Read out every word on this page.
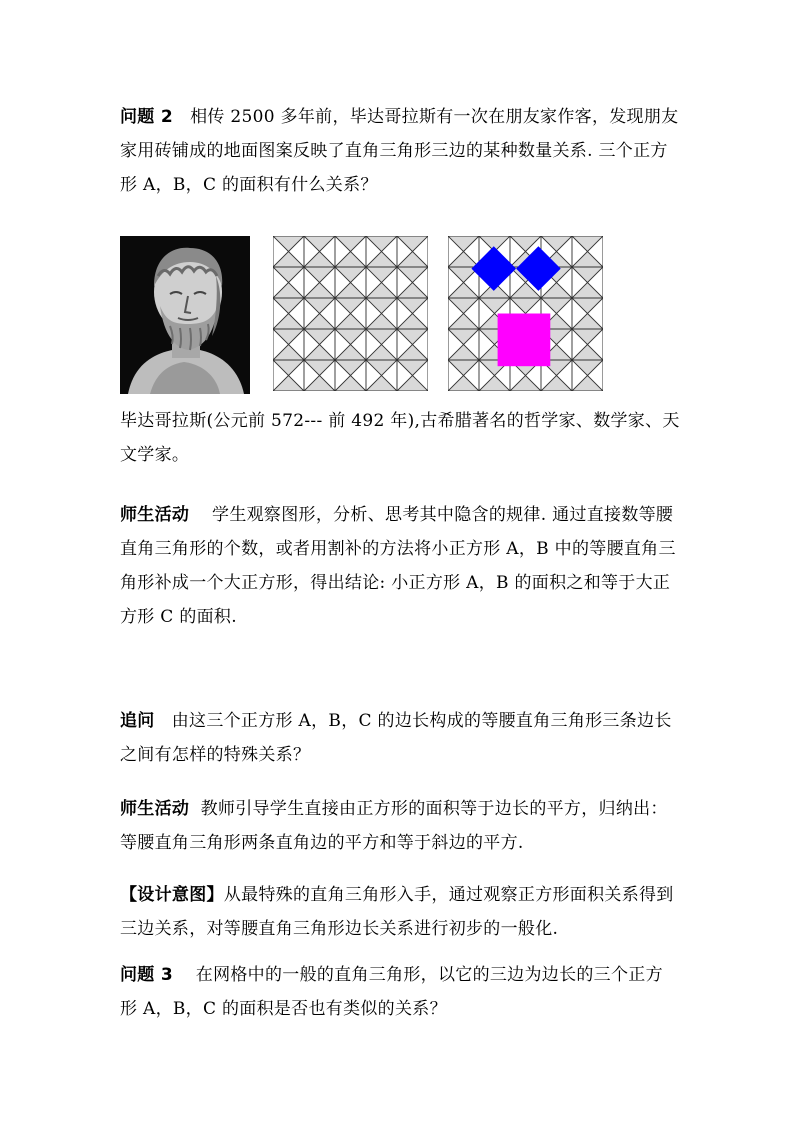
问题 2 相传 2500 多年前，毕达哥拉斯有一次在朋友家作客，发现朋友家用砖铺成的地面图案反映了直角三角形三边的某种数量关系. 三个正方形 A，B，C 的面积有什么关系？
毕达哥拉斯(公元前 572--- 前 492 年),古希腊著名的哲学家、数学家、天文学家。
师生活动 学生观察图形，分析、思考其中隐含的规律. 通过直接数等腰直角三角形的个数，或者用割补的方法将小正方形 A，B 中的等腰直角三角形补成一个大正方形，得出结论: 小正方形 A，B 的面积之和等于大正方形 C 的面积.
追问 由这三个正方形 A，B，C 的边长构成的等腰直角三角形三条边长之间有怎样的特殊关系？
师生活动 教师引导学生直接由正方形的面积等于边长的平方，归纳出：等腰直角三角形两条直角边的平方和等于斜边的平方.
【设计意图】从最特殊的直角三角形入手，通过观察正方形面积关系得到三边关系，对等腰直角三角形边长关系进行初步的一般化.
问题 3 在网格中的一般的直角三角形，以它的三边为边长的三个正方形 A，B，C 的面积是否也有类似的关系？
